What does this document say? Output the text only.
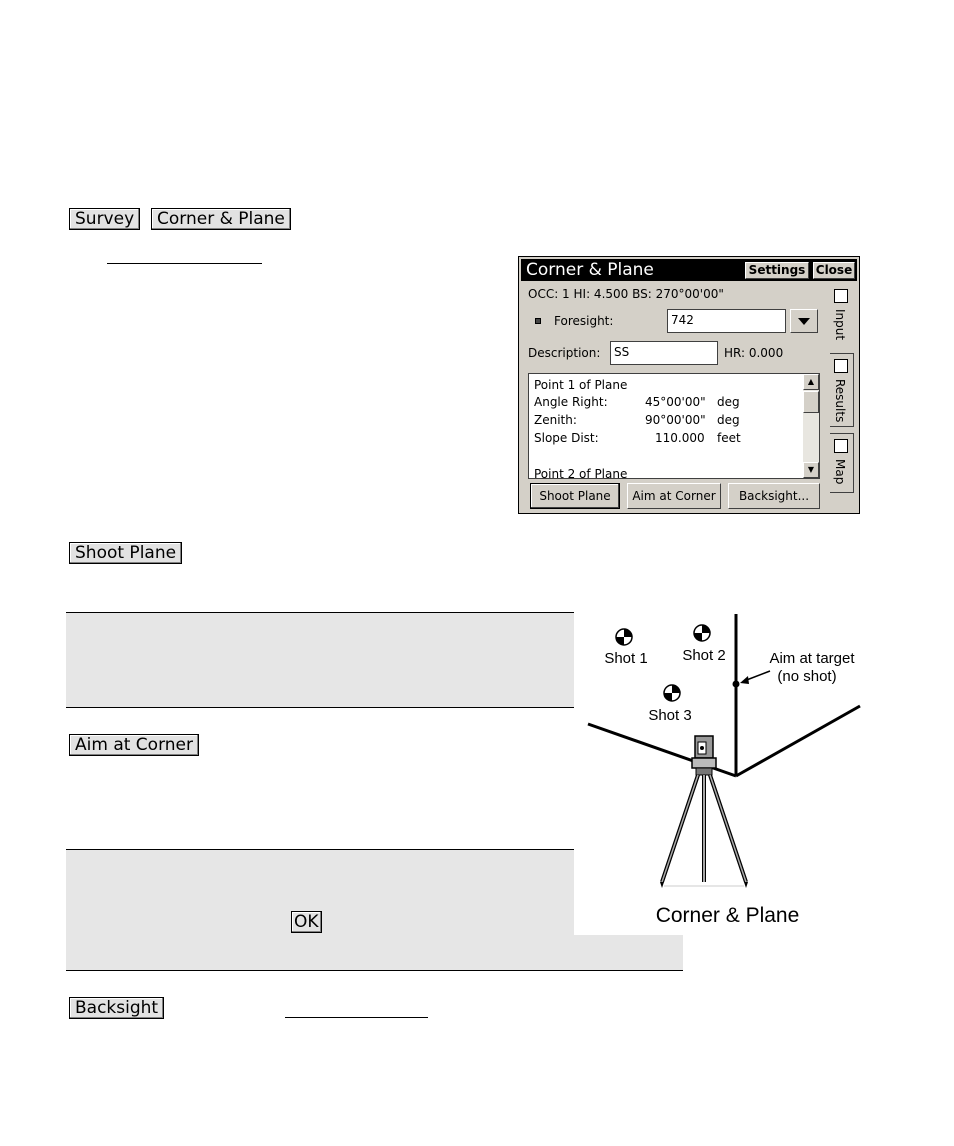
Survey	Corner & Plane
Corner & Plane	Settings Close
OCC: 1 HI: 4.500 BS: 270°00'00"
Foresight:	742
Description:	SS	HR: 0.000
Point 1 of Plane
Angle Right:	45°00'00" deg
Zenith:	90°00'00" deg
Slope Dist:	110.000 feet
Point 2 of Plane
▲
▼
Shoot Plane	Aim at Corner	Backsight...
Input
Results
Map
Shoot Plane
Aim at Corner
OK
Backsight
Shot 1 Shot 2
Shot 3
Aim at target
(no shot)
Corner & Plane
